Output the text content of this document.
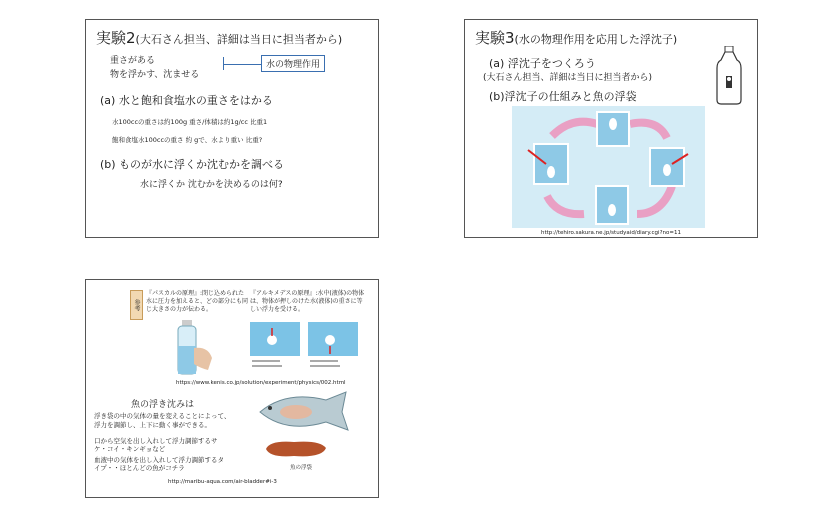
実験2(大石さん担当、詳細は当日に担当者から)
重さがある
物を浮かす、沈ませる
水の物理作用
(a) 水と飽和食塩水の重さをはかる
水100ccの重さは約100g 重さ/体積は約1g/cc 比重1
飽和食塩水100ccの重さ 約 gで、水より重い 比重?
(b) ものが水に浮くか沈むかを調べる
水に浮くか 沈むかを決めるのは何?
実験3(水の物理作用を応用した浮沈子)
(a) 浮沈子をつくろう
(大石さん担当、詳細は当日に担当者から)
(b)浮沈子の仕組みと魚の浮袋
http://tehiro.sakura.ne.jp/studyaid/diary.cgi?no=11
参考
『パスカルの原理』:閉じ込められた水に圧力を加えると、どの部分にも同じ大きさの力が伝わる。
『アルキメデスの原理』:水中(液体)の物体は、物体が押しのけた水(液体)の重さに等しい浮力を受ける。
https://www.kenis.co.jp/solution/experiment/physics/002.html
魚の浮き沈みは
浮き袋の中の気体の量を変えることによって、
浮力を調節し、上下に動く事ができる。
口から空気を出し入れして浮力調節するサ
ケ・コイ・キンギョなど
血液中の気体を出し入れして浮力調節するタ
イプ・・ほとんどの魚がコチラ	魚の浮袋
http://maribu-aqua.com/air-bladder#i-3
